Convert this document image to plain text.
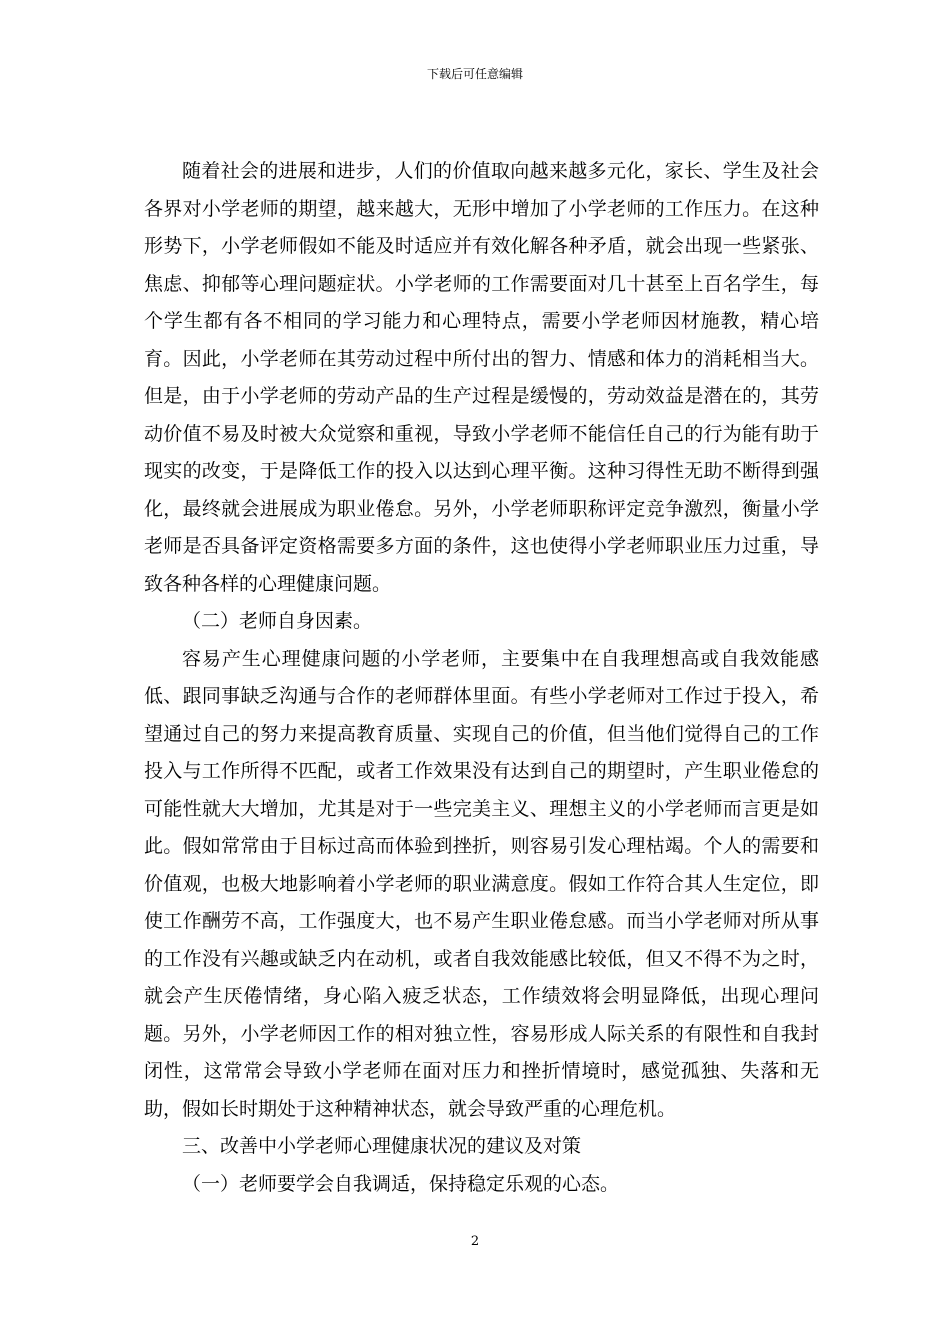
下载后可任意编辑

随着社会的进展和进步，人们的价值取向越来越多元化，家长、学生及社会各界对小学老师的期望，越来越大，无形中增加了小学老师的工作压力。在这种形势下，小学老师假如不能及时适应并有效化解各种矛盾，就会出现一些紧张、焦虑、抑郁等心理问题症状。小学老师的工作需要面对几十甚至上百名学生，每个学生都有各不相同的学习能力和心理特点，需要小学老师因材施教，精心培育。因此，小学老师在其劳动过程中所付出的智力、情感和体力的消耗相当大。但是，由于小学老师的劳动产品的生产过程是缓慢的，劳动效益是潜在的，其劳动价值不易及时被大众觉察和重视，导致小学老师不能信任自己的行为能有助于现实的改变，于是降低工作的投入以达到心理平衡。这种习得性无助不断得到强化，最终就会进展成为职业倦怠。另外，小学老师职称评定竞争激烈，衡量小学老师是否具备评定资格需要多方面的条件，这也使得小学老师职业压力过重，导致各种各样的心理健康问题。

（二）老师自身因素。

容易产生心理健康问题的小学老师，主要集中在自我理想高或自我效能感低、跟同事缺乏沟通与合作的老师群体里面。有些小学老师对工作过于投入，希望通过自己的努力来提高教育质量、实现自己的价值，但当他们觉得自己的工作投入与工作所得不匹配，或者工作效果没有达到自己的期望时，产生职业倦怠的可能性就大大增加，尤其是对于一些完美主义、理想主义的小学老师而言更是如此。假如常常由于目标过高而体验到挫折，则容易引发心理枯竭。个人的需要和价值观，也极大地影响着小学老师的职业满意度。假如工作符合其人生定位，即使工作酬劳不高，工作强度大，也不易产生职业倦怠感。而当小学老师对所从事的工作没有兴趣或缺乏内在动机，或者自我效能感比较低，但又不得不为之时，就会产生厌倦情绪，身心陷入疲乏状态，工作绩效将会明显降低，出现心理问题。另外，小学老师因工作的相对独立性，容易形成人际关系的有限性和自我封闭性，这常常会导致小学老师在面对压力和挫折情境时，感觉孤独、失落和无助，假如长时期处于这种精神状态，就会导致严重的心理危机。

三、改善中小学老师心理健康状况的建议及对策

（一）老师要学会自我调适，保持稳定乐观的心态。

2
